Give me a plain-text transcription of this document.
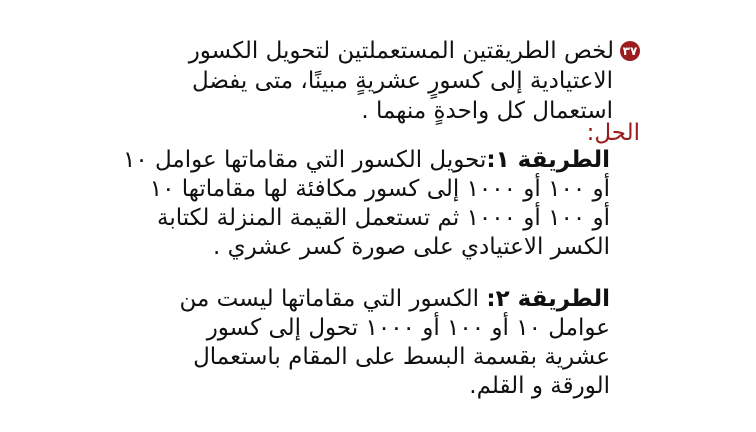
٣٧لخص الطريقتين المستعملتين لتحويل الكسور
الاعتيادية إلى كسورٍ عشريةٍ مبينًا، متى يفضل
استعمال كل واحدةٍ منهما .
الحل:
الطريقة ١:تحويل الكسور التي مقاماتها عوامل ١٠
أو ١٠٠ أو ١٠٠٠ إلى كسور مكافئة لها مقاماتها ١٠
أو ١٠٠ أو ١٠٠٠ ثم تستعمل القيمة المنزلة لكتابة
الكسر الاعتيادي على صورة كسر عشري .
الطريقة ٢: الكسور التي مقاماتها ليست من
عوامل ١٠ أو ١٠٠ أو ١٠٠٠ تحول إلى كسور
عشرية بقسمة البسط على المقام باستعمال
الورقة و القلم.
